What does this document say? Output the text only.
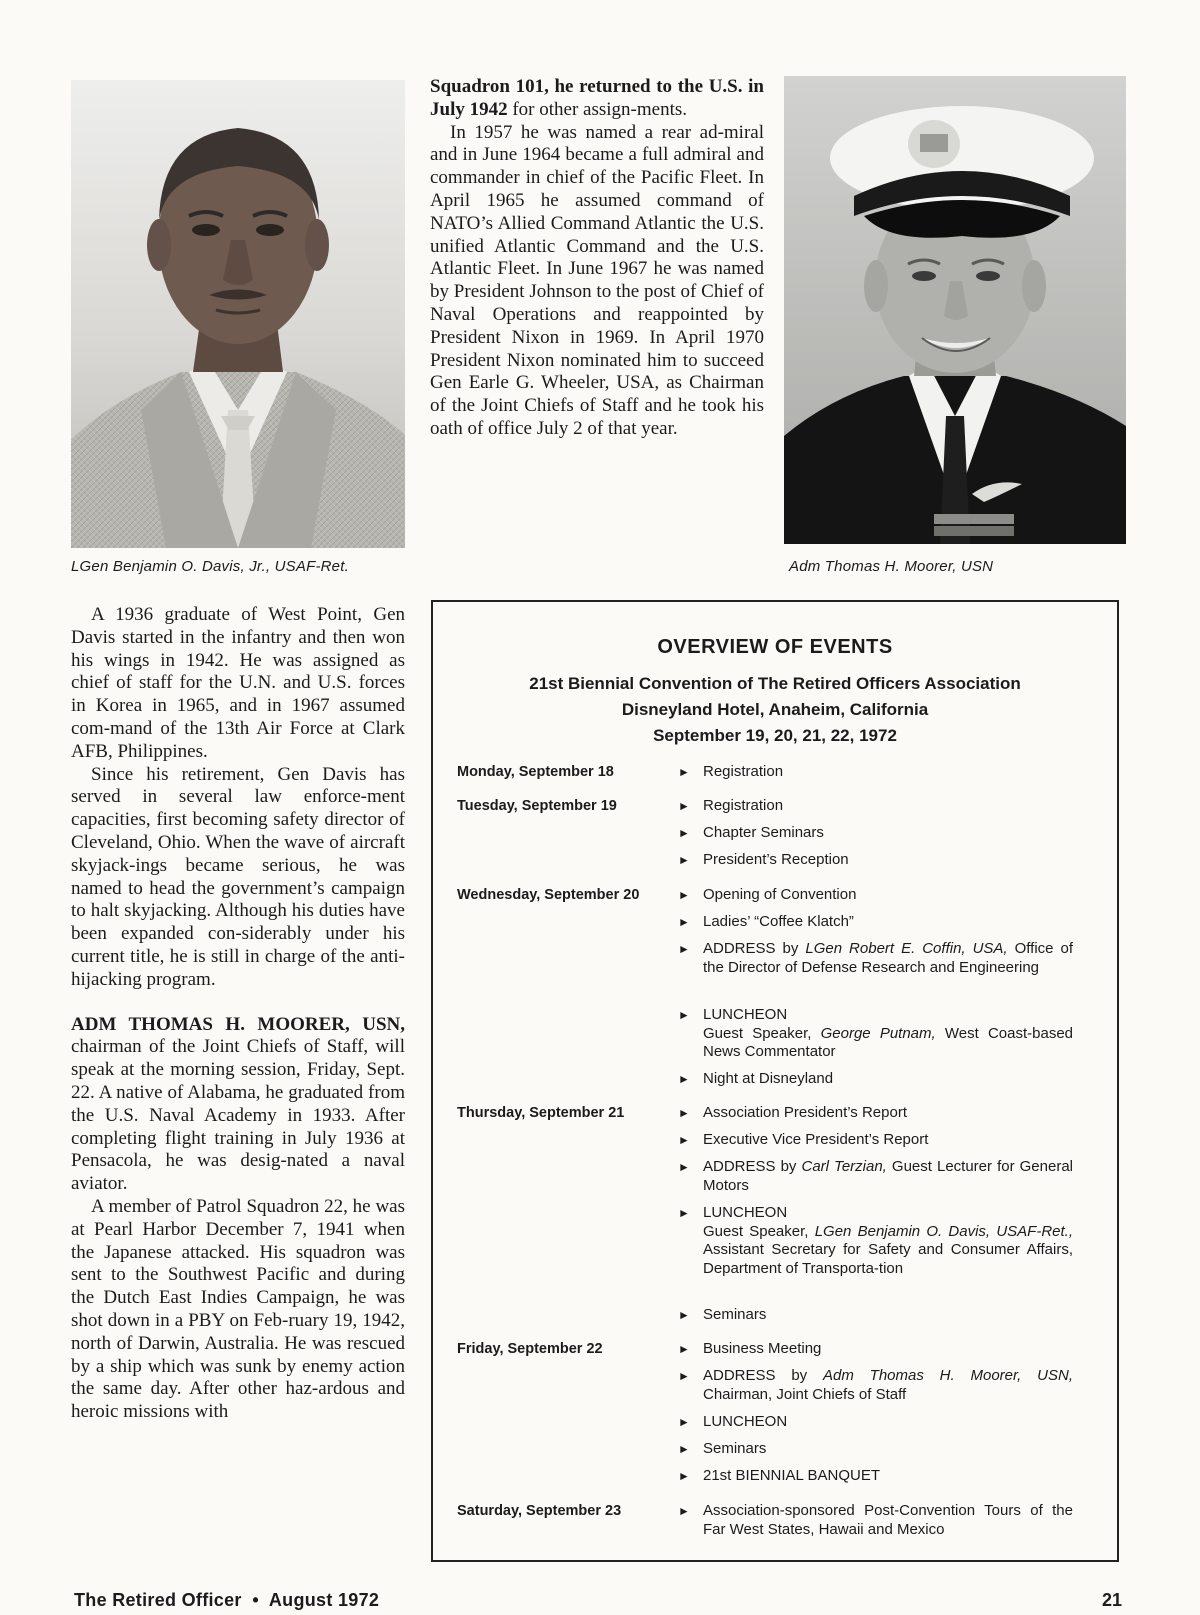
LGen Benjamin O. Davis, Jr., USAF-Ret.	Adm Thomas H. Moorer, USN

Squadron 101, he returned to the U.S. in July 1942 for other assign-ments.

In 1957 he was named a rear ad-miral and in June 1964 became a full admiral and commander in chief of the Pacific Fleet. In April 1965 he assumed command of NATO’s Allied Command Atlantic the U.S. unified Atlantic Command and the U.S. Atlantic Fleet. In June 1967 he was named by President Johnson to the post of Chief of Naval Operations and reappointed by President Nixon in 1969. In April 1970 President Nixon nominated him to succeed Gen Earle G. Wheeler, USA, as Chairman of the Joint Chiefs of Staff and he took his oath of office July 2 of that year.

A 1936 graduate of West Point, Gen Davis started in the infantry and then won his wings in 1942. He was assigned as chief of staff for the U.N. and U.S. forces in Korea in 1965, and in 1967 assumed com-mand of the 13th Air Force at Clark AFB, Philippines.

Since his retirement, Gen Davis has served in several law enforce-ment capacities, first becoming safety director of Cleveland, Ohio. When the wave of aircraft skyjack-ings became serious, he was named to head the government’s campaign to halt skyjacking. Although his duties have been expanded con-siderably under his current title, he is still in charge of the anti-hijacking program.

ADM THOMAS H. MOORER, USN, chairman of the Joint Chiefs of Staff, will speak at the morning session, Friday, Sept. 22. A native of Alabama, he graduated from the U.S. Naval Academy in 1933. After completing flight training in July 1936 at Pensacola, he was desig-nated a naval aviator.

A member of Patrol Squadron 22, he was at Pearl Harbor December 7, 1941 when the Japanese attacked. His squadron was sent to the Southwest Pacific and during the Dutch East Indies Campaign, he was shot down in a PBY on Feb-ruary 19, 1942, north of Darwin, Australia. He was rescued by a ship which was sunk by enemy action the same day. After other haz-ardous and heroic missions with

OVERVIEW OF EVENTS
21st Biennial Convention of The Retired Officers Association
Disneyland Hotel, Anaheim, California
September 19, 20, 21, 22, 1972
Monday, September 18	► Registration
Tuesday, September 19	► Registration
► Chapter Seminars
► President’s Reception
Wednesday, September 20	► Opening of Convention
► Ladies’ “Coffee Klatch”
► ADDRESS by LGen Robert E. Coffin, USA, Office of the Director of Defense Research and Engineering
► LUNCHEON
Guest Speaker, George Putnam, West Coast-based News Commentator
► Night at Disneyland
Thursday, September 21	► Association President’s Report
► Executive Vice President’s Report
► ADDRESS by Carl Terzian, Guest Lecturer for General Motors
► LUNCHEON
Guest Speaker, LGen Benjamin O. Davis, USAF-Ret., Assistant Secretary for Safety and Consumer Affairs, Department of Transporta-tion
► Seminars
Friday, September 22	► Business Meeting
► ADDRESS by Adm Thomas H. Moorer, USN, Chairman, Joint Chiefs of Staff
► LUNCHEON
► Seminars
► 21st BIENNIAL BANQUET
Saturday, September 23	► Association-sponsored Post-Convention Tours of the Far West States, Hawaii and Mexico
The Retired Officer  •  August 1972	21
